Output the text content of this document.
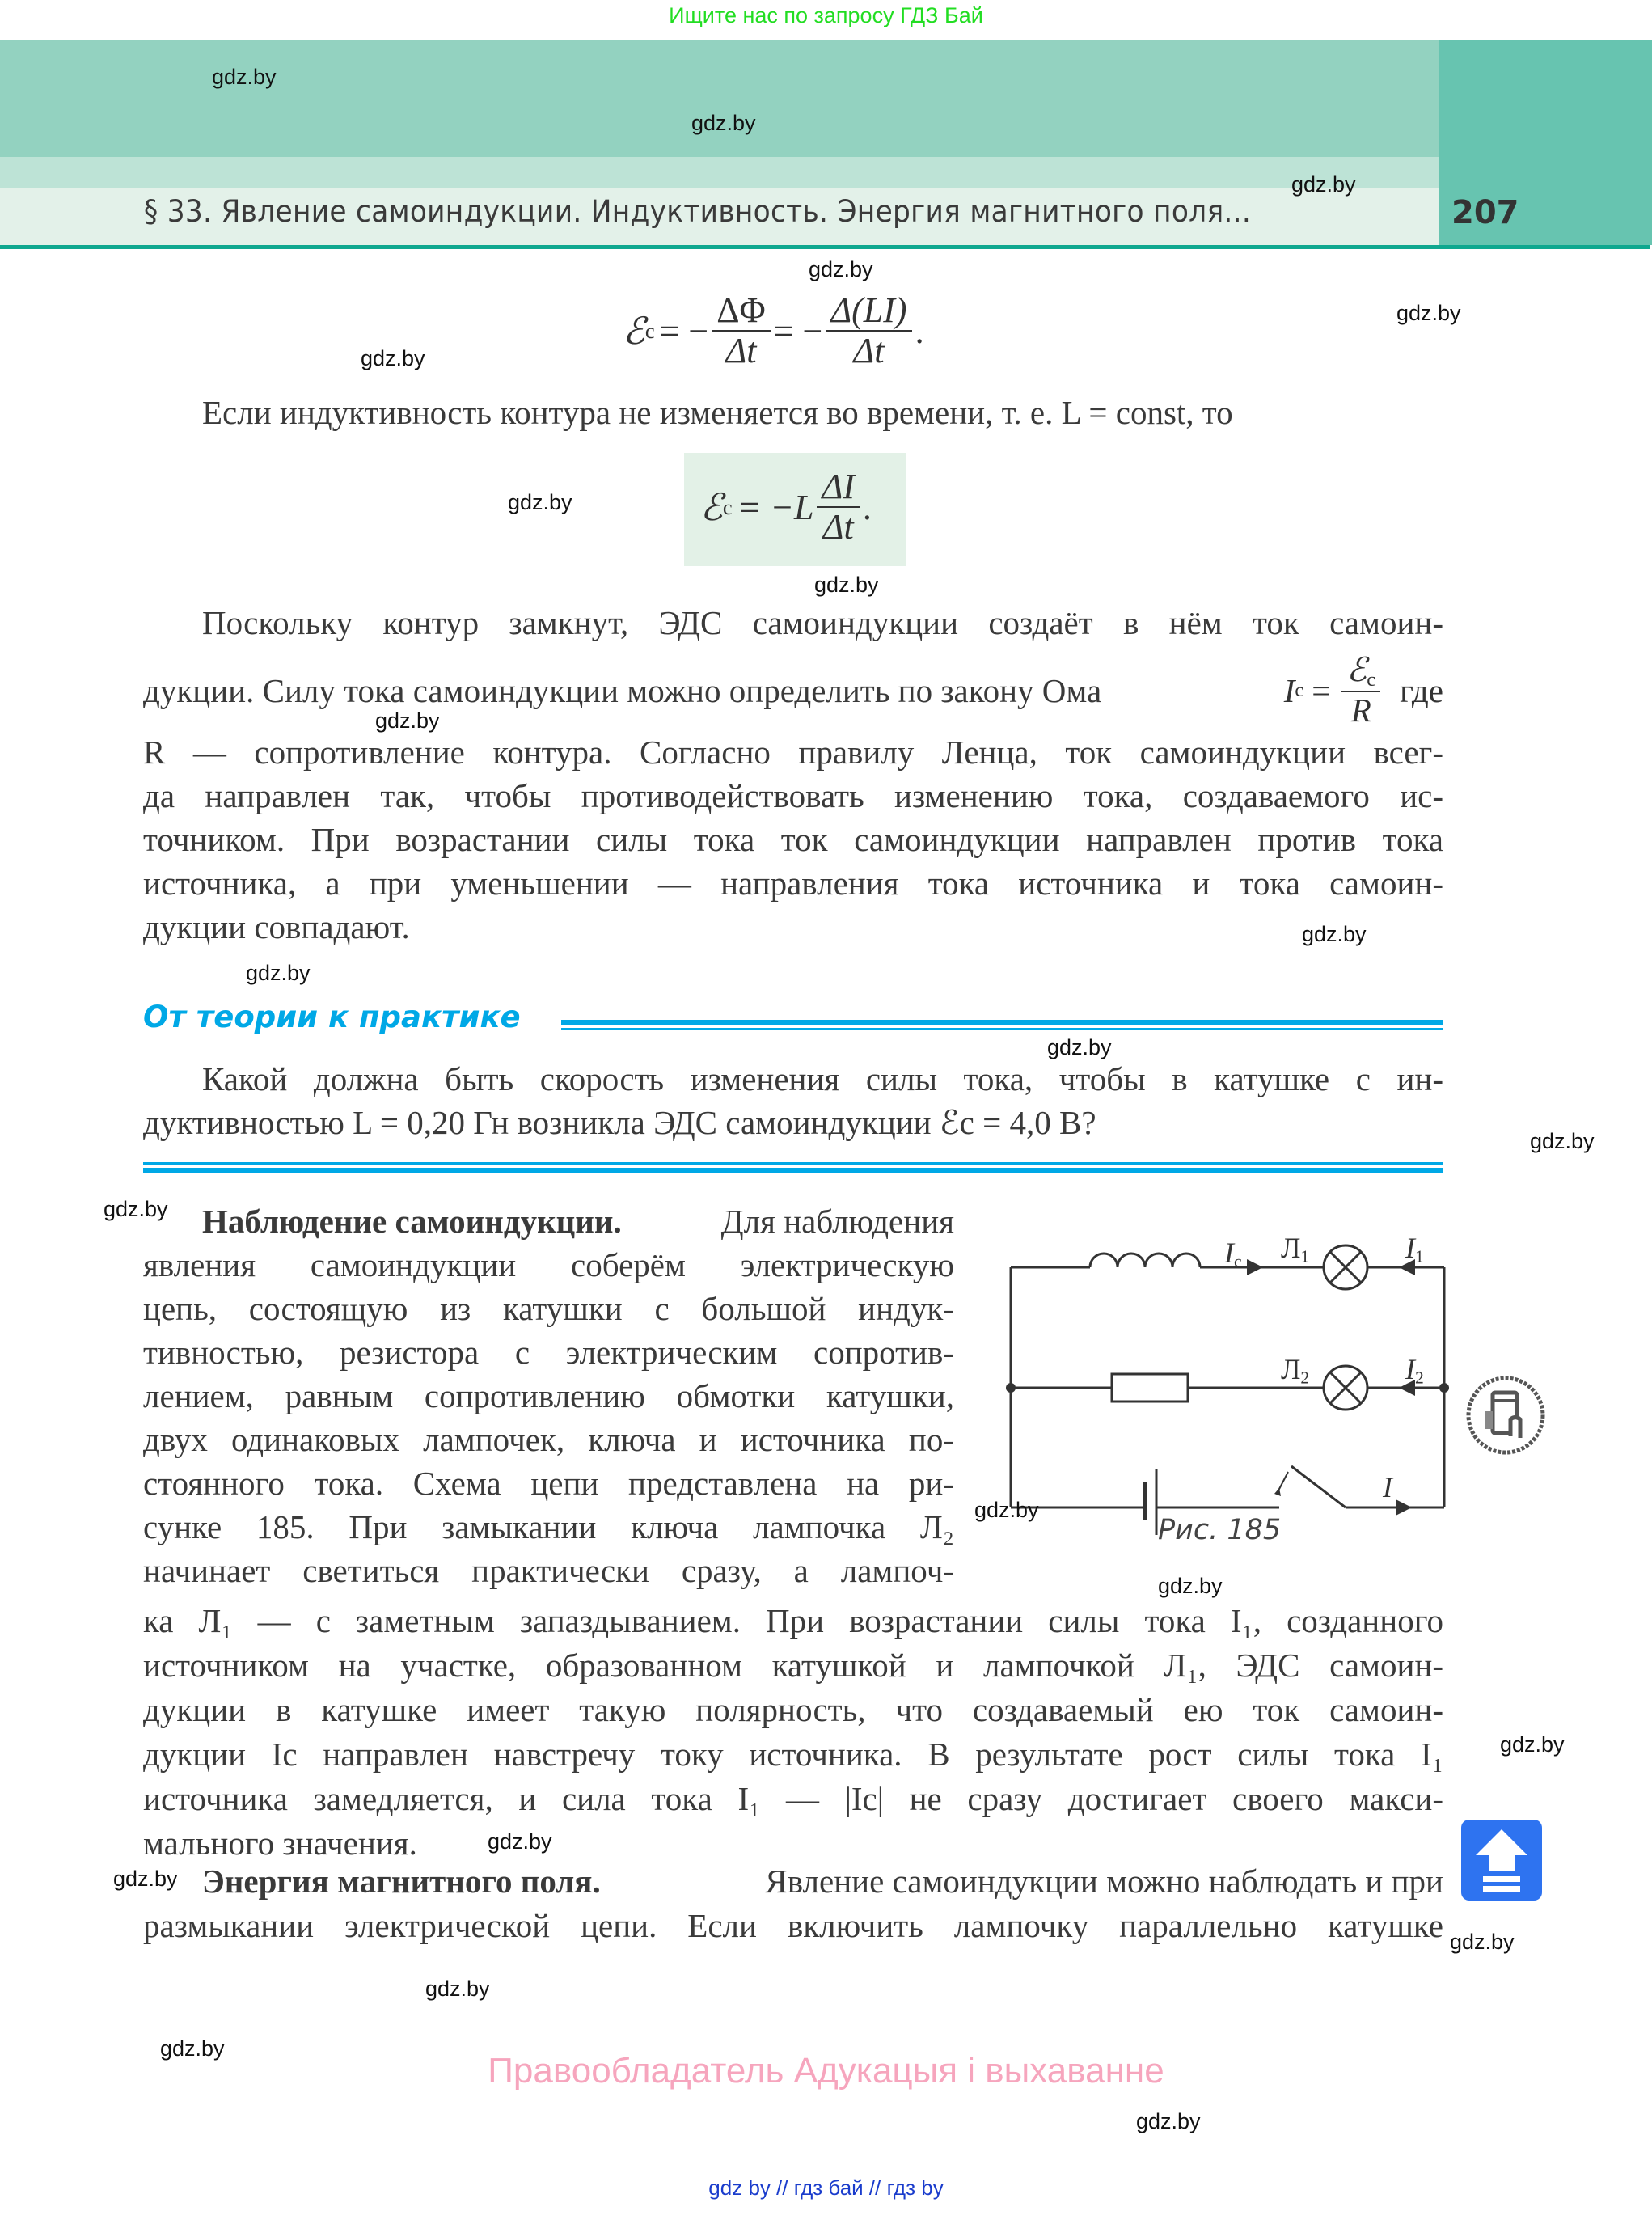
Ищите нас по запросу ГДЗ Бай
§ 33. Явление самоиндукции. Индуктивность. Энергия магнитного поля...	207
ℰ c = − $\frac{\Delta\Phi}{\Delta t}$ = − $\frac{\Delta(LI)}{\Delta t}$ .
Если индуктивность контура не изменяется во времени, т. е. L = const, то
ℰ $c = -L \frac{\Delta I}{\Delta t}$ .
Поскольку контур замкнут, ЭДС самоиндукции создаёт в нём ток самоин-
дукции. Силу тока самоиндукции можно определить по закону Ома	I $c = \frac{ℰ_c}{R}$ где
R — сопротивление контура. Согласно правилу Ленца, ток самоиндукции всег-
да направлен так, чтобы противодействовать изменению тока, создаваемого ис-
точником. При возрастании силы тока ток самоиндукции направлен против тока
источника, а при уменьшении — направления тока источника и тока самоин-
дукции совпадают.
От теории к практике
Какой должна быть скорость изменения силы тока, чтобы в катушке с ин-
дуктивностью L = 0,20 Гн возникла ЭДС самоиндукции ℰc = 4,0 В?
Наблюдение самоиндукции.	Для наблюдения
явления самоиндукции соберём электрическую
цепь, состоящую из катушки с большой индук-
тивностью, резистора с электрическим сопротив-
лением, равным сопротивлению обмотки катушки,
двух одинаковых лампочек, ключа и источника по-
стоянного тока. Схема цепи представлена на ри-
сунке 185. При замыкании ключа лампочка Л₂
начинает светиться практически сразу, а лампоч-
ка Л₁ — с заметным запаздыванием. При возрастании силы тока I₁, созданного
источником на участке, образованном катушкой и лампочкой Л₁, ЭДС самоин-
дукции в катушке имеет такую полярность, что создаваемый ею ток самоин-
дукции Ic направлен навстречу току источника. В результате рост силы тока I₁
источника замедляется, и сила тока I₁ — |Ic| не сразу достигает своего макси-
мального значения.
$I_c$ $Л_1$	$I_1$
$Л_2$	$I_2$
I
Рис. 185
Энергия магнитного поля.	Явление самоиндукции можно наблюдать и при
размыкании электрической цепи. Если включить лампочку параллельно катушке
gdz.by
gdz.by
gdz.by
gdz.by
gdz.by
gdz.by
gdz.by
gdz.by
gdz.by
gdz.by
gdz.by
gdz.by
gdz.by
gdz.by
gdz.by
gdz.by
gdz.by
gdz.by
gdz.by
gdz.by
gdz.by
gdz.by
gdz.by
Правообладатель Адукацыя і выхаванне
gdz by // гдз бай // гдз by
